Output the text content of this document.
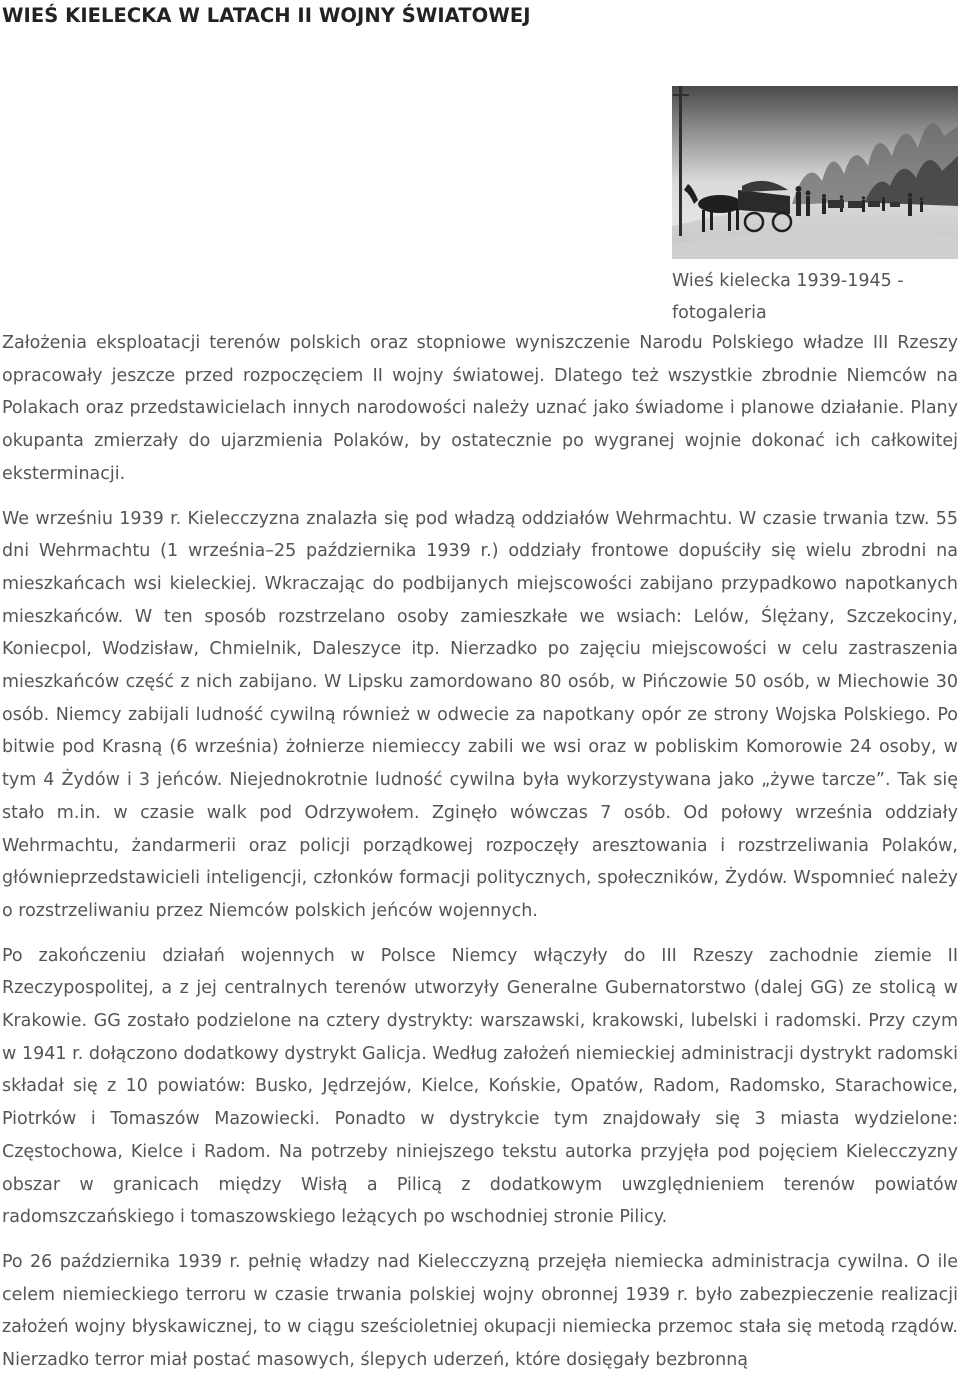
WIEŚ KIELECKA W LATACH II WOJNY ŚWIATOWEJ
Wieś kielecka 1939-1945 - fotogaleria

Założenia eksploatacji terenów polskich oraz stopniowe wyniszczenie Narodu Polskiego władze III Rzeszy opracowały jeszcze przed rozpoczęciem II wojny światowej. Dlatego też wszystkie zbrodnie Niemców na Polakach oraz przedstawicielach innych narodowości należy uznać jako świadome i planowe działanie. Plany okupanta zmierzały do ujarzmienia Polaków, by ostatecznie po wygranej wojnie dokonać ich całkowitej eksterminacji.

We wrześniu 1939 r. Kielecczyzna znalazła się pod władzą oddziałów Wehrmachtu. W czasie trwania tzw. 55 dni Wehrmachtu (1 września–25 października 1939 r.) oddziały frontowe dopuściły się wielu zbrodni na mieszkańcach wsi kieleckiej. Wkraczając do podbijanych miejscowości zabijano przypadkowo napotkanych mieszkańców. W ten sposób rozstrzelano osoby zamieszkałe we wsiach: Lelów, Ślężany, Szczekociny, Koniecpol, Wodzisław, Chmielnik, Daleszyce itp. Nierzadko po zajęciu miejscowości w celu zastraszenia mieszkańców część z nich zabijano. W Lipsku zamordowano 80 osób, w Pińczowie 50 osób, w Miechowie 30 osób. Niemcy zabijali ludność cywilną również w odwecie za napotkany opór ze strony Wojska Polskiego. Po bitwie pod Krasną (6 września) żołnierze niemieccy zabili we wsi oraz w pobliskim Komorowie 24 osoby, w tym 4 Żydów i 3 jeńców. Niejednokrotnie ludność cywilna była wykorzystywana jako „żywe tarcze”. Tak się stało m.in. w czasie walk pod Odrzywołem. Zginęło wówczas 7 osób. Od połowy września oddziały Wehrmachtu, żandarmerii oraz policji porządkowej rozpoczęły aresztowania i rozstrzeliwania Polaków, głównieprzedstawicieli inteligencji, członków formacji politycznych, społeczników, Żydów. Wspomnieć należy o rozstrzeliwaniu przez Niemców polskich jeńców wojennych.

Po zakończeniu działań wojennych w Polsce Niemcy włączyły do III Rzeszy zachodnie ziemie II Rzeczypospolitej, a z jej centralnych terenów utworzyły Generalne Gubernatorstwo (dalej GG) ze stolicą w Krakowie. GG zostało podzielone na cztery dystrykty: warszawski, krakowski, lubelski i radomski. Przy czym w 1941 r. dołączono dodatkowy dystrykt Galicja. Według założeń niemieckiej administracji dystrykt radomski składał się z 10 powiatów: Busko, Jędrzejów, Kielce, Końskie, Opatów, Radom, Radomsko, Starachowice, Piotrków i Tomaszów Mazowiecki. Ponadto w dystrykcie tym znajdowały się 3 miasta wydzielone: Częstochowa, Kielce i Radom. Na potrzeby niniejszego tekstu autorka przyjęła pod pojęciem Kielecczyzny obszar w granicach między Wisłą a Pilicą z dodatkowym uwzględnieniem terenów powiatów radomszczańskiego i tomaszowskiego leżących po wschodniej stronie Pilicy.

Po 26 października 1939 r. pełnię władzy nad Kielecczyzną przejęła niemiecka administracja cywilna. O ile celem niemieckiego terroru w czasie trwania polskiej wojny obronnej 1939 r. było zabezpieczenie realizacji założeń wojny błyskawicznej, to w ciągu sześcioletniej okupacji niemiecka przemoc stała się metodą rządów. Nierzadko terror miał postać masowych, ślepych uderzeń, które dosięgały bezbronną
